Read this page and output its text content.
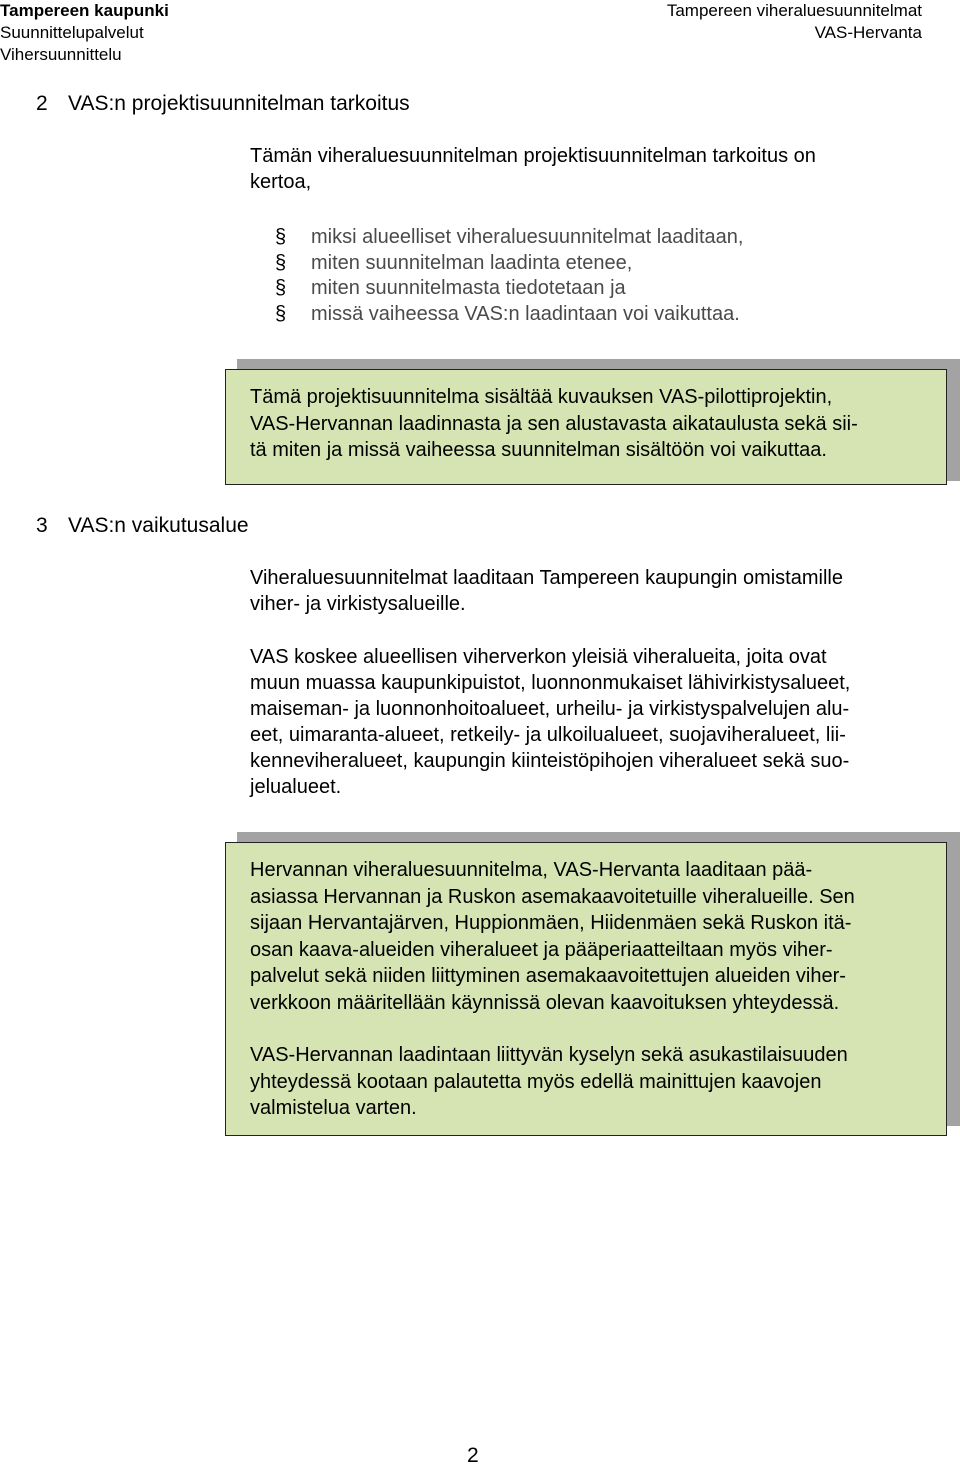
Tampereen kaupunki
Suunnittelupalvelut
Vihersuunnittelu
Tampereen viheraluesuunnitelmat
VAS-Hervanta
2 VAS:n projektisuunnitelman tarkoitus
Tämän viheraluesuunnitelman projektisuunnitelman tarkoitus on
kertoa,
§	miksi alueelliset viheraluesuunnitelmat laaditaan,
§	miten suunnitelman laadinta etenee,
§	miten suunnitelmasta tiedotetaan ja
§	missä vaiheessa VAS:n laadintaan voi vaikuttaa.

Tämä projektisuunnitelma sisältää kuvauksen VAS-pilottiprojektin,
VAS-Hervannan laadinnasta ja sen alustavasta aikataulusta sekä sii-
tä miten ja missä vaiheessa suunnitelman sisältöön voi vaikuttaa.

3 VAS:n vaikutusalue
Viheraluesuunnitelmat laaditaan Tampereen kaupungin omistamille
viher- ja virkistysalueille.
VAS koskee alueellisen viherverkon yleisiä viheralueita, joita ovat
muun muassa kaupunkipuistot, luonnonmukaiset lähivirkistysalueet,
maiseman- ja luonnonhoitoalueet, urheilu- ja virkistyspalvelujen alu-
eet, uimaranta-alueet, retkeily- ja ulkoilualueet, suojaviheralueet, lii-
kenneviheralueet, kaupungin kiinteistöpihojen viheralueet sekä suo-
jelualueet.

Hervannan viheraluesuunnitelma, VAS-Hervanta laaditaan pää-
asiassa Hervannan ja Ruskon asemakaavoitetuille viheralueille. Sen
sijaan Hervantajärven, Huppionmäen, Hiidenmäen sekä Ruskon itä-
osan kaava-alueiden viheralueet ja pääperiaatteiltaan myös viher-
palvelut sekä niiden liittyminen asemakaavoitettujen alueiden viher-
verkkoon määritellään käynnissä olevan kaavoituksen yhteydessä.

VAS-Hervannan laadintaan liittyvän kyselyn sekä asukastilaisuuden
yhteydessä kootaan palautetta myös edellä mainittujen kaavojen
valmistelua varten.

2
